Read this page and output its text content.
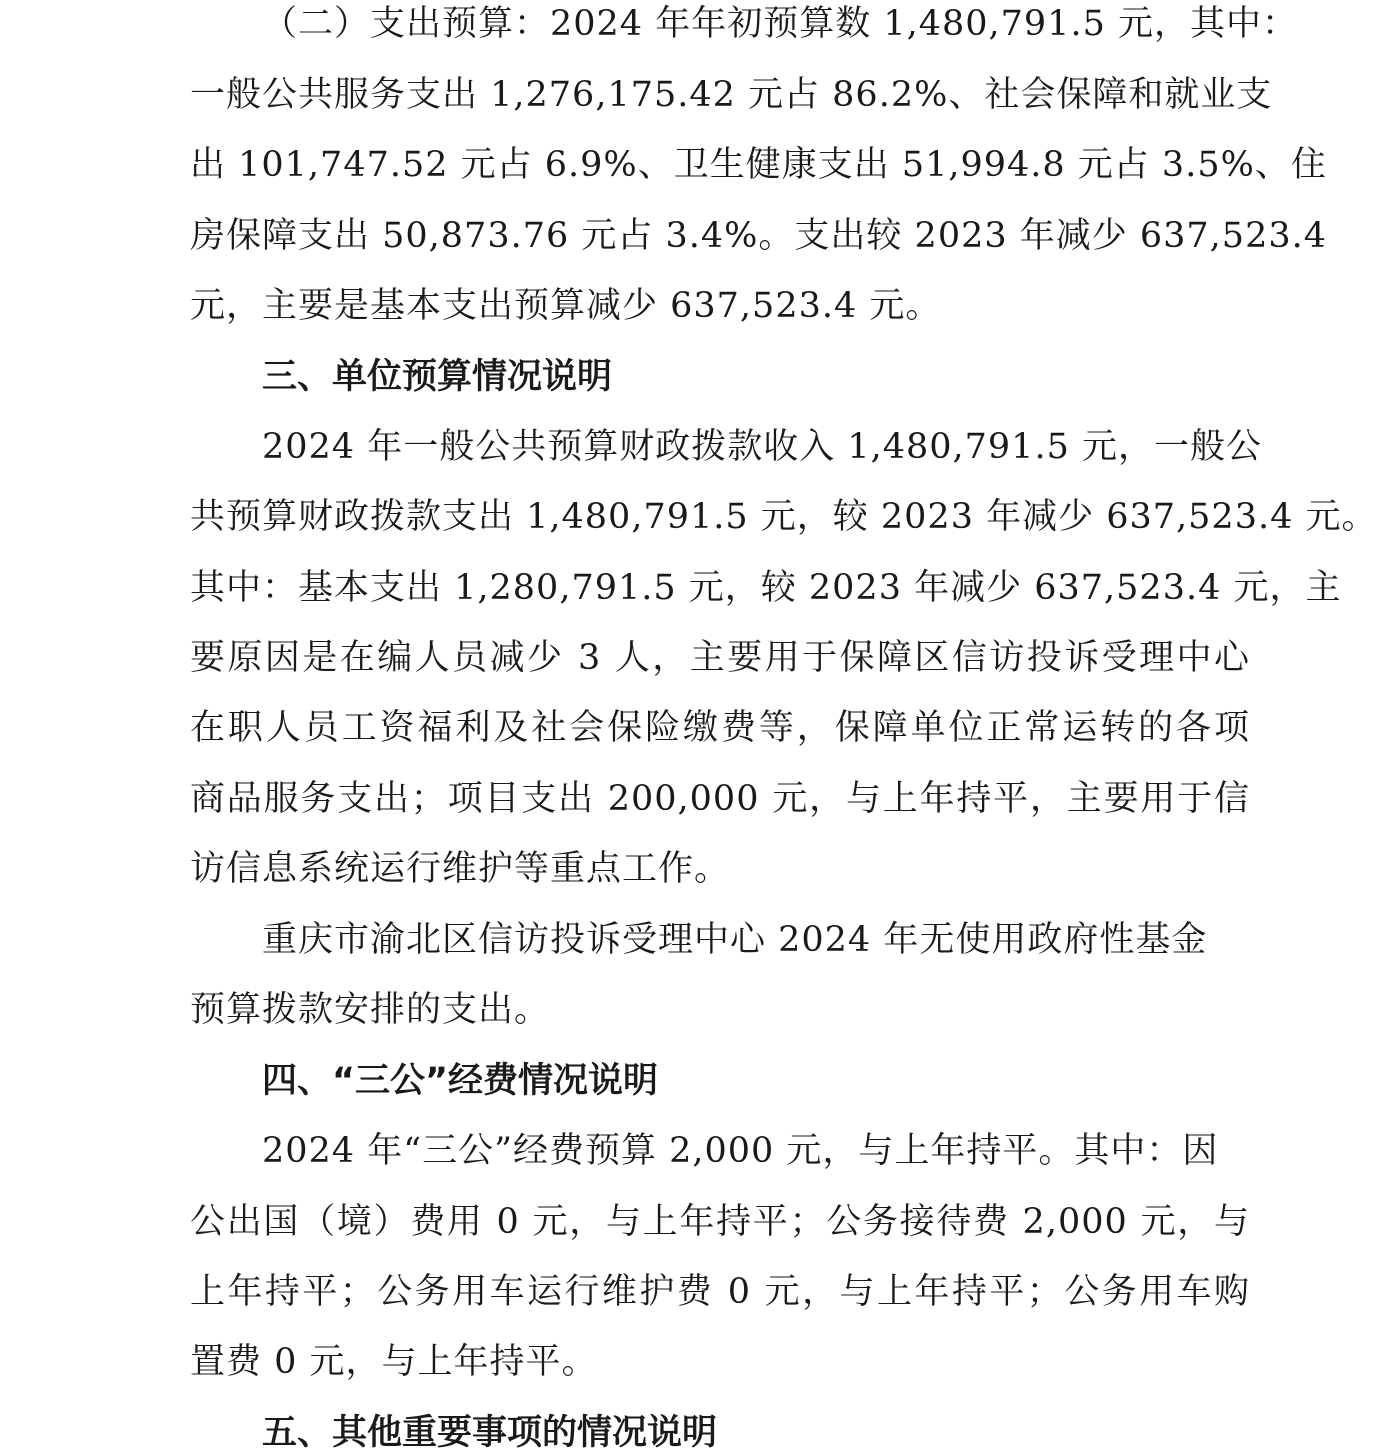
（二）支出预算：2024 年年初预算数 1,480,791.5 元，其中：
一般公共服务支出 1,276,175.42 元占 86.2%、社会保障和就业支
出 101,747.52 元占 6.9%、卫生健康支出 51,994.8 元占 3.5%、住
房保障支出 50,873.76 元占 3.4%。支出较 2023 年减少 637,523.4
元，主要是基本支出预算减少 637,523.4 元。
三、单位预算情况说明
2024 年一般公共预算财政拨款收入 1,480,791.5 元，一般公
共预算财政拨款支出 1,480,791.5 元，较 2023 年减少 637,523.4 元。
其中：基本支出 1,280,791.5 元，较 2023 年减少 637,523.4 元，主
要原因是在编人员减少 3 人，主要用于保障区信访投诉受理中心
在职人员工资福利及社会保险缴费等，保障单位正常运转的各项
商品服务支出；项目支出 200,000 元，与上年持平，主要用于信
访信息系统运行维护等重点工作。
重庆市渝北区信访投诉受理中心 2024 年无使用政府性基金
预算拨款安排的支出。
四、“三公”经费情况说明
2024 年“三公”经费预算 2,000 元，与上年持平。其中：因
公出国（境）费用 0 元，与上年持平；公务接待费 2,000 元，与
上年持平；公务用车运行维护费 0 元，与上年持平；公务用车购
置费 0 元，与上年持平。
五、其他重要事项的情况说明
